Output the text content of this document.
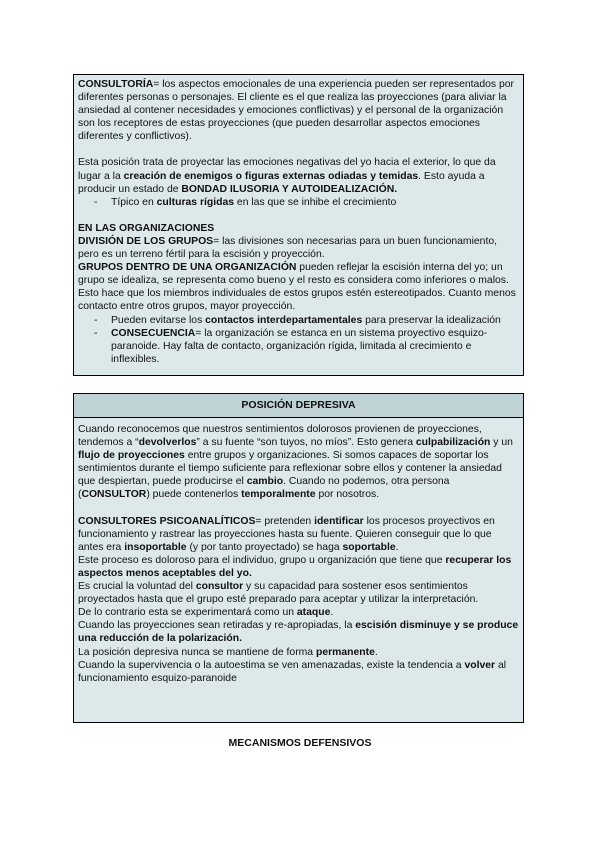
CONSULTORÍA= los aspectos emocionales de una experiencia pueden ser representados por diferentes personas o personajes. El cliente es el que realiza las proyecciones (para aliviar la ansiedad al contener necesidades y emociones conflictivas) y el personal de la organización son los receptores de estas proyecciones (que pueden desarrollar aspectos emociones diferentes y conflictivos).

Esta posición trata de proyectar las emociones negativas del yo hacia el exterior, lo que da lugar a la creación de enemigos o figuras externas odiadas y temidas. Esto ayuda a producir un estado de BONDAD ILUSORIA Y AUTOIDEALIZACIÓN.

- Típico en culturas rígidas en las que se inhibe el crecimiento

EN LAS ORGANIZACIONES

DIVISIÓN DE LOS GRUPOS= las divisiones son necesarias para un buen funcionamiento, pero es un terreno fértil para la escisión y proyección.

GRUPOS DENTRO DE UNA ORGANIZACIÓN pueden reflejar la escisión interna del yo; un grupo se idealiza, se representa como bueno y el resto es considera como inferiores o malos. Esto hace que los miembros individuales de estos grupos estén estereotipados. Cuanto menos contacto entre otros grupos, mayor proyección.

- Pueden evitarse los contactos interdepartamentales para preservar la idealización
- CONSECUENCIA= la organización se estanca en un sistema proyectivo esquizo-paranoide. Hay falta de contacto, organización rígida, limitada al crecimiento e inflexibles.
POSICIÓN DEPRESIVA

Cuando reconocemos que nuestros sentimientos dolorosos provienen de proyecciones, tendemos a “devolverlos” a su fuente “son tuyos, no míos”. Esto genera culpabilización y un flujo de proyecciones entre grupos y organizaciones. Si somos capaces de soportar los sentimientos durante el tiempo suficiente para reflexionar sobre ellos y contener la ansiedad que despiertan, puede producirse el cambio. Cuando no podemos, otra persona (CONSULTOR) puede contenerlos temporalmente por nosotros.

CONSULTORES PSICOANALÍTICOS= pretenden identificar los procesos proyectivos en funcionamiento y rastrear las proyecciones hasta su fuente. Quieren conseguir que lo que antes era insoportable (y por tanto proyectado) se haga soportable.

Este proceso es doloroso para el individuo, grupo u organización que tiene que recuperar los aspectos menos aceptables del yo.

Es crucial la voluntad del consultor y su capacidad para sostener esos sentimientos proyectados hasta que el grupo esté preparado para aceptar y utilizar la interpretación.

De lo contrario esta se experimentará como un ataque.

Cuando las proyecciones sean retiradas y re-apropiadas, la escisión disminuye y se produce una reducción de la polarización.

La posición depresiva nunca se mantiene de forma permanente.

Cuando la supervivencia o la autoestima se ven amenazadas, existe la tendencia a volver al funcionamiento esquizo-paranoide

MECANISMOS DEFENSIVOS
